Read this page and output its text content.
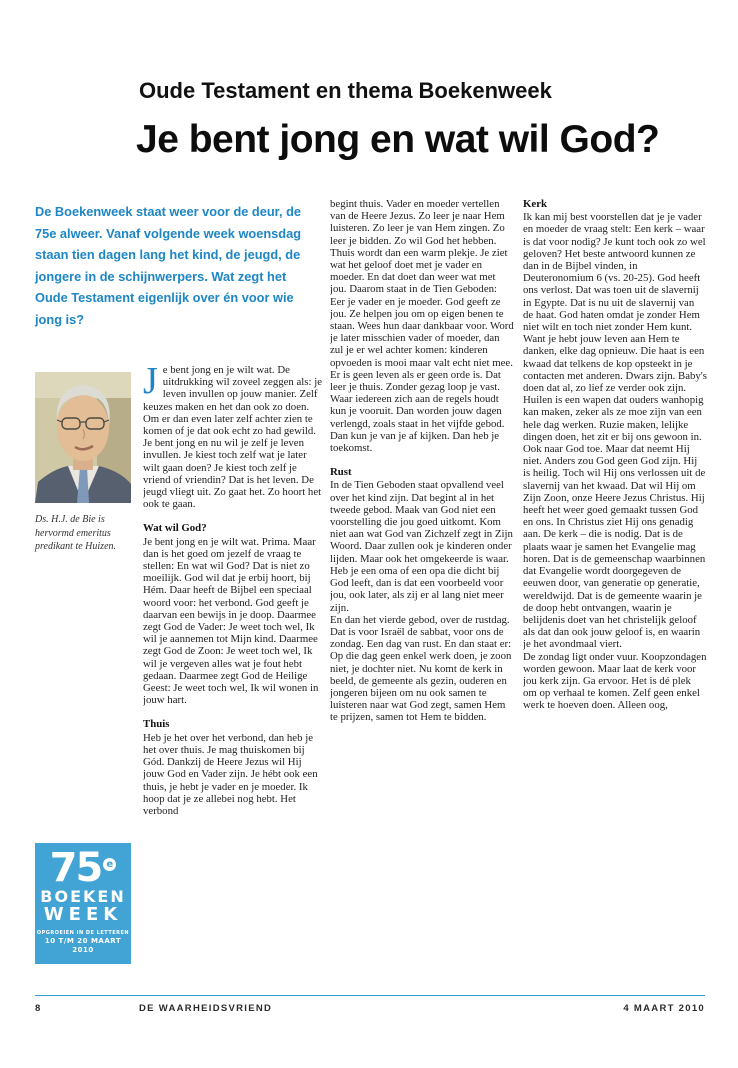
Oude Testament en thema Boekenweek
Je bent jong en wat wil God?
De Boekenweek staat weer voor de deur, de 75e alweer. Vanaf volgende week woensdag staan tien dagen lang het kind, de jeugd, de jongere in de schijnwerpers. Wat zegt het Oude Testament eigenlijk over én voor wie jong is?
Ds. H.J. de Bie is hervormd emeritus predikant te Huizen.
75 e
BOEKEN
WEEK
OPGROEIEN IN DE LETTEREN
10 T/M 20 MAART 2010

Je bent jong en je wilt wat. De uitdrukking wil zoveel zeggen als: je leven invullen op jouw manier. Zelf keuzes maken en het dan ook zo doen. Om er dan even later zelf achter zien te komen of je dat ook echt zo had gewild. Je bent jong en nu wil je zelf je leven invullen. Je kiest toch zelf wat je later wilt gaan doen? Je kiest toch zelf je vriend of vriendin? Dat is het leven. De jeugd vliegt uit. Zo gaat het. Zo hoort het ook te gaan.

Wat wil God?

Je bent jong en je wilt wat. Prima. Maar dan is het goed om jezelf de vraag te stellen: En wat wil God? Dat is niet zo moeilijk. God wil dat je erbij hoort, bij Hém. Daar heeft de Bijbel een speciaal woord voor: het verbond. God geeft je daarvan een bewijs in je doop. Daarmee zegt God de Vader: Je weet toch wel, Ik wil je aannemen tot Mijn kind. Daarmee zegt God de Zoon: Je weet toch wel, Ik wil je vergeven alles wat je fout hebt gedaan. Daarmee zegt God de Heilige Geest: Je weet toch wel, Ik wil wonen in jouw hart.

Thuis

Heb je het over het verbond, dan heb je het over thuis. Je mag thuiskomen bij Gód. Dankzij de Heere Jezus wil Hij jouw God en Vader zijn. Je hébt ook een thuis, je hebt je vader en je moeder. Ik hoop dat je ze allebei nog hebt. Het verbond

begint thuis. Vader en moeder vertellen van de Heere Jezus. Zo leer je naar Hem luisteren. Zo leer je van Hem zingen. Zo leer je bidden. Zo wil God het hebben. Thuis wordt dan een warm plekje. Je ziet wat het geloof doet met je vader en moeder. En dat doet dan weer wat met jou. Daarom staat in de Tien Geboden: Eer je vader en je moeder. God geeft ze jou. Ze helpen jou om op eigen benen te staan. Wees hun daar dankbaar voor. Word je later misschien vader of moeder, dan zul je er wel achter komen: kinderen opvoeden is mooi maar valt echt niet mee.

Er is geen leven als er geen orde is. Dat leer je thuis. Zonder gezag loop je vast. Waar iedereen zich aan de regels houdt kun je vooruit. Dan worden jouw dagen verlengd, zoals staat in het vijfde gebod. Dan kun je van je af kijken. Dan heb je toekomst.

Rust

In de Tien Geboden staat opvallend veel over het kind zijn. Dat begint al in het tweede gebod. Maak van God niet een voorstelling die jou goed uitkomt. Kom niet aan wat God van Zichzelf zegt in Zijn Woord. Daar zullen ook je kinderen onder lijden. Maar ook het omgekeerde is waar. Heb je een oma of een opa die dicht bij God leeft, dan is dat een voorbeeld voor jou, ook later, als zij er al lang niet meer zijn.

En dan het vierde gebod, over de rustdag. Dat is voor Israël de sabbat, voor ons de zondag. Een dag van rust. En dan staat er: Op die dag geen enkel werk doen, je zoon niet, je dochter niet. Nu komt de kerk in beeld, de gemeente als gezin, ouderen en jongeren bijeen om nu ook samen te luisteren naar wat God zegt, samen Hem te prijzen, samen tot Hem te bidden.

Kerk

Ik kan mij best voorstellen dat je je vader en moeder de vraag stelt: Een kerk – waar is dat voor nodig? Je kunt toch ook zo wel geloven? Het beste antwoord kunnen ze dan in de Bijbel vinden, in Deuteronomium 6 (vs. 20-25). God heeft ons verlost. Dat was toen uit de slavernij in Egypte. Dat is nu uit de slavernij van de haat. God haten omdat je zonder Hem niet wilt en toch niet zonder Hem kunt. Want je hebt jouw leven aan Hem te danken, elke dag opnieuw. Die haat is een kwaad dat telkens de kop opsteekt in je contacten met anderen. Dwars zijn. Baby's doen dat al, zo lief ze verder ook zijn. Huilen is een wapen dat ouders wanhopig kan maken, zeker als ze moe zijn van een hele dag werken. Ruzie maken, lelijke dingen doen, het zit er bij ons gewoon in. Ook naar God toe. Maar dat neemt Hij niet. Anders zou God geen God zijn. Hij is heilig. Toch wil Hij ons verlossen uit de slavernij van het kwaad. Dat wil Hij om Zijn Zoon, onze Heere Jezus Christus. Hij heeft het weer goed gemaakt tussen God en ons. In Christus ziet Hij ons genadig aan. De kerk – die is nodig. Dat is de plaats waar je samen het Evangelie mag horen. Dat is de gemeenschap waarbinnen dat Evangelie wordt doorgegeven de eeuwen door, van generatie op generatie, wereldwijd. Dat is de gemeente waarin je de doop hebt ontvangen, waarin je belijdenis doet van het christelijk geloof als dat dan ook jouw geloof is, en waarin je het avondmaal viert.

De zondag ligt onder vuur. Koopzondagen worden gewoon. Maar laat de kerk voor jou kerk zijn. Ga ervoor. Het is dé plek om op verhaal te komen. Zelf geen enkel werk te hoeven doen. Alleen oog,

8	DE WAARHEIDSVRIEND	4 MAART 2010
